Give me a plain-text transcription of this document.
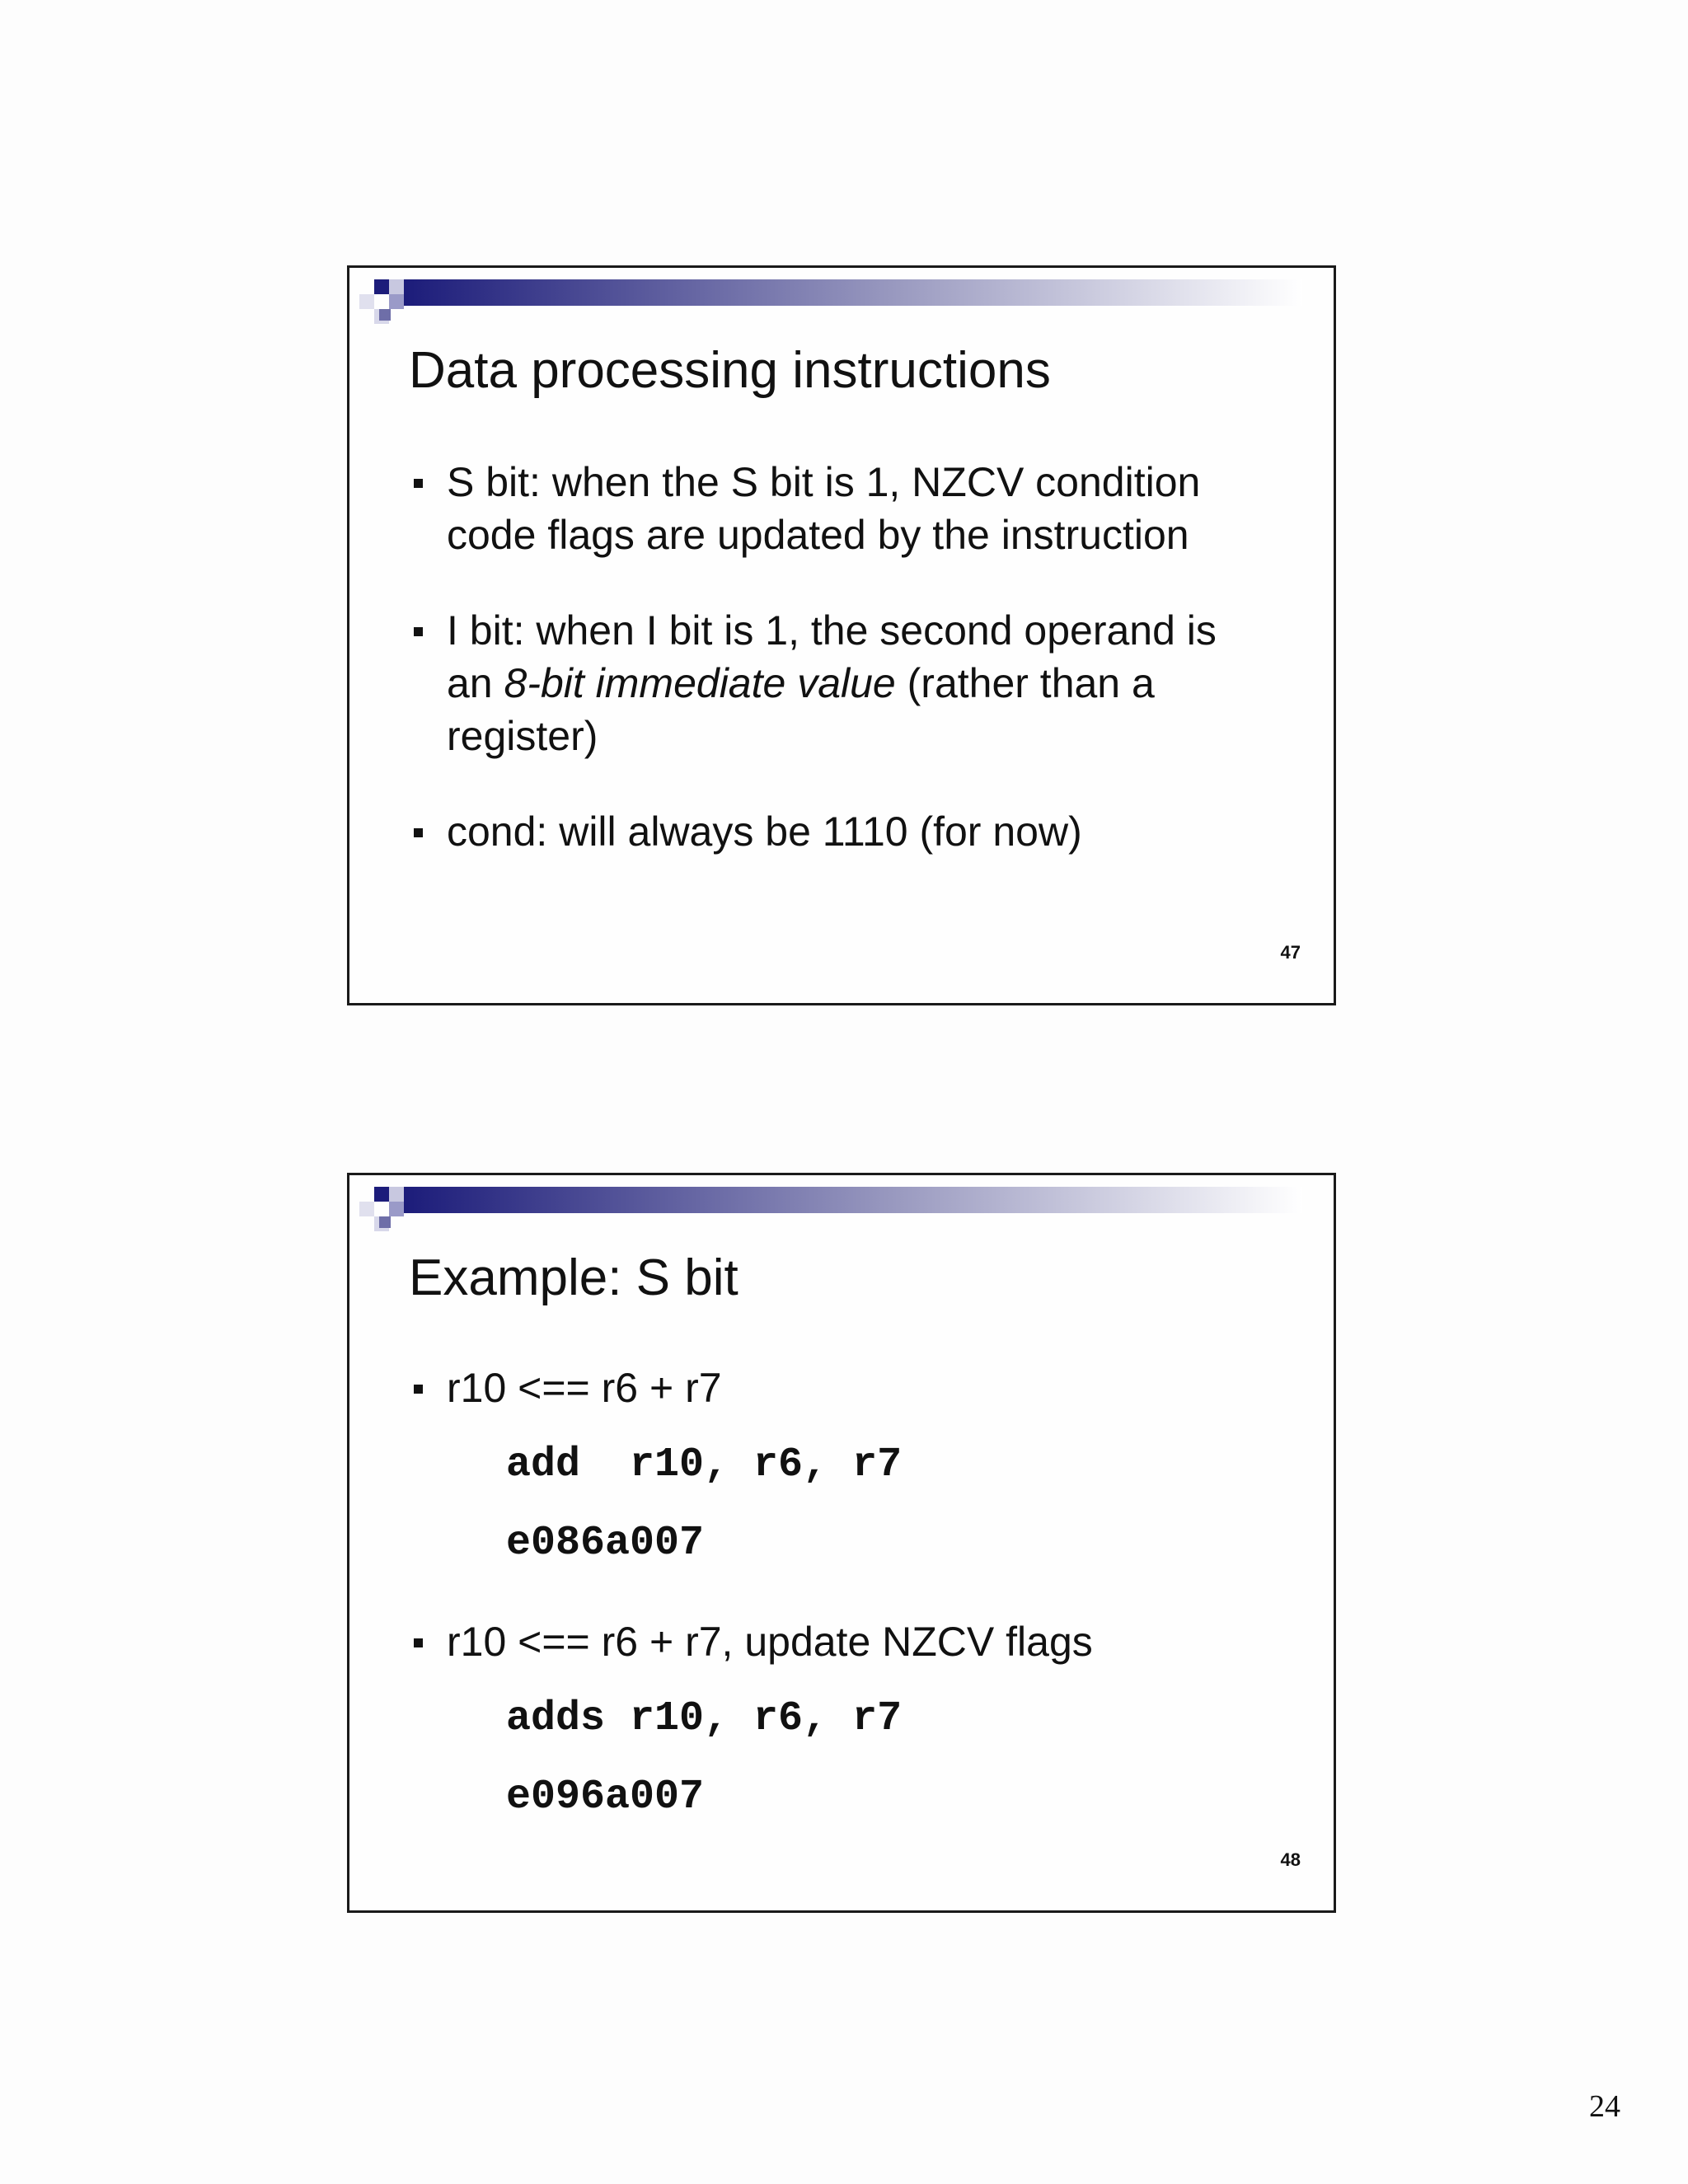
Data processing instructions
S bit: when the S bit is 1, NZCV condition
code flags are updated by the instruction
I bit: when I bit is 1, the second operand is
an 8-bit immediate value (rather than a
register)
cond: will always be 1110 (for now)
47
Example: S bit
r10 <== r6 + r7
add  r10, r6, r7
e086a007
r10 <== r6 + r7, update NZCV flags
adds r10, r6, r7
e096a007
48
24
